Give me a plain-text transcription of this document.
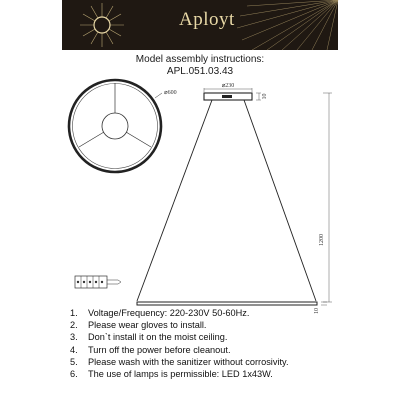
Aployt
Model assembly instructions:
APL.051.03.43
⌀600
⌀230
10
1200
10
1.	Voltage/Frequency: 220-230V 50-60Hz.
2.	Please wear gloves to install.
3.	Don`t install it on the moist ceiling.
4.	Turn off the power before cleanout.
5.	Please wash with the sanitizer without corrosivity.
6.	The use of lamps is permissible: LED 1x43W.
